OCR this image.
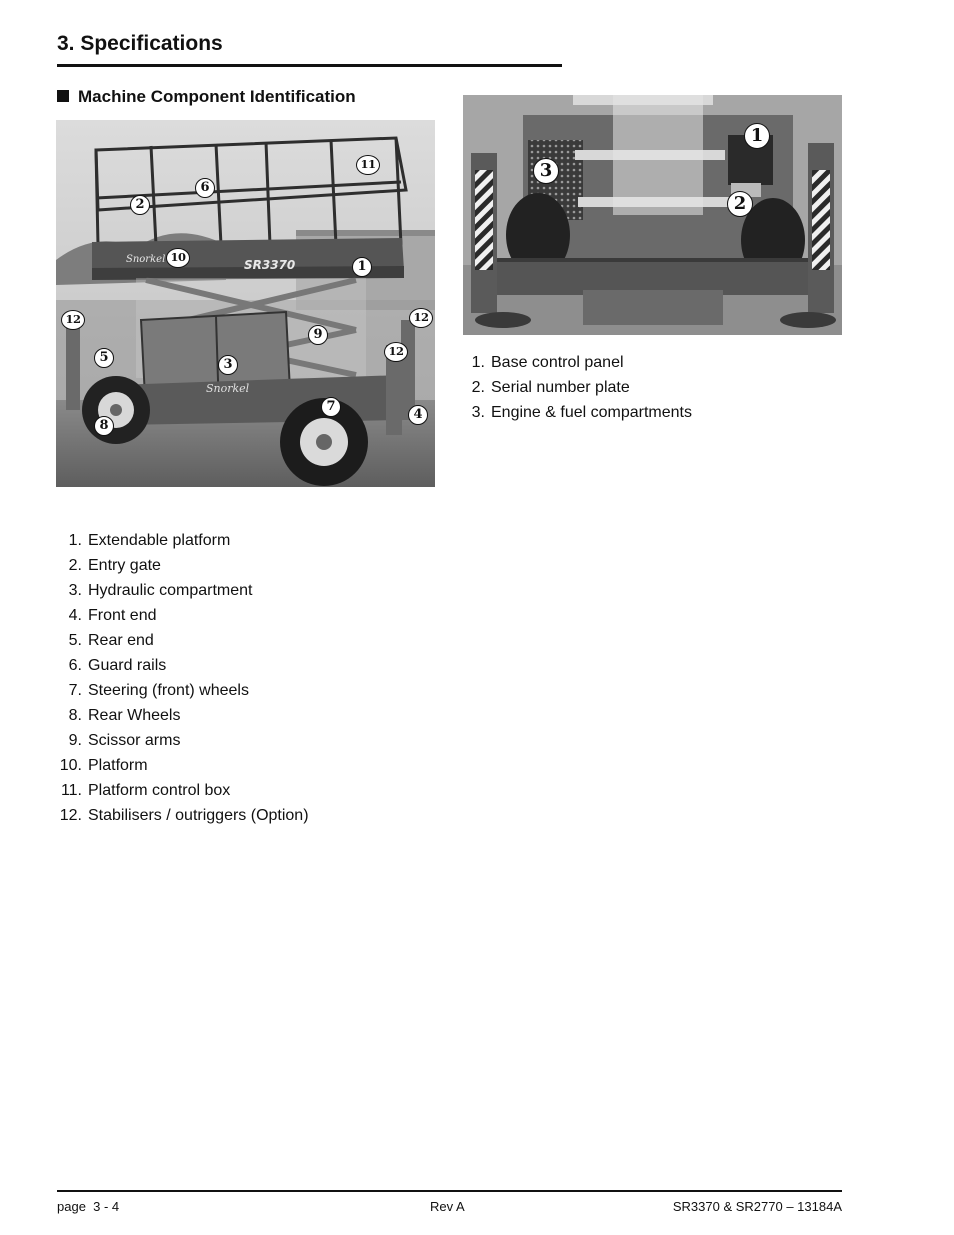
3. Specifications
Machine Component Identification
Snorkel	SR3370
Snorkel
11
6
2
10
1
12
9
12
12
5	3
7
4
8
1
3
2
1. Base control panel
2. Serial number plate
3. Engine & fuel compartments
1. Extendable platform
2. Entry gate
3. Hydraulic compartment
4. Front end
5. Rear end
6. Guard rails
7. Steering (front) wheels
8. Rear Wheels
9. Scissor arms
10. Platform
11. Platform control box
12. Stabilisers / outriggers (Option)
page  3 - 4	Rev A	SR3370 & SR2770 – 13184A
